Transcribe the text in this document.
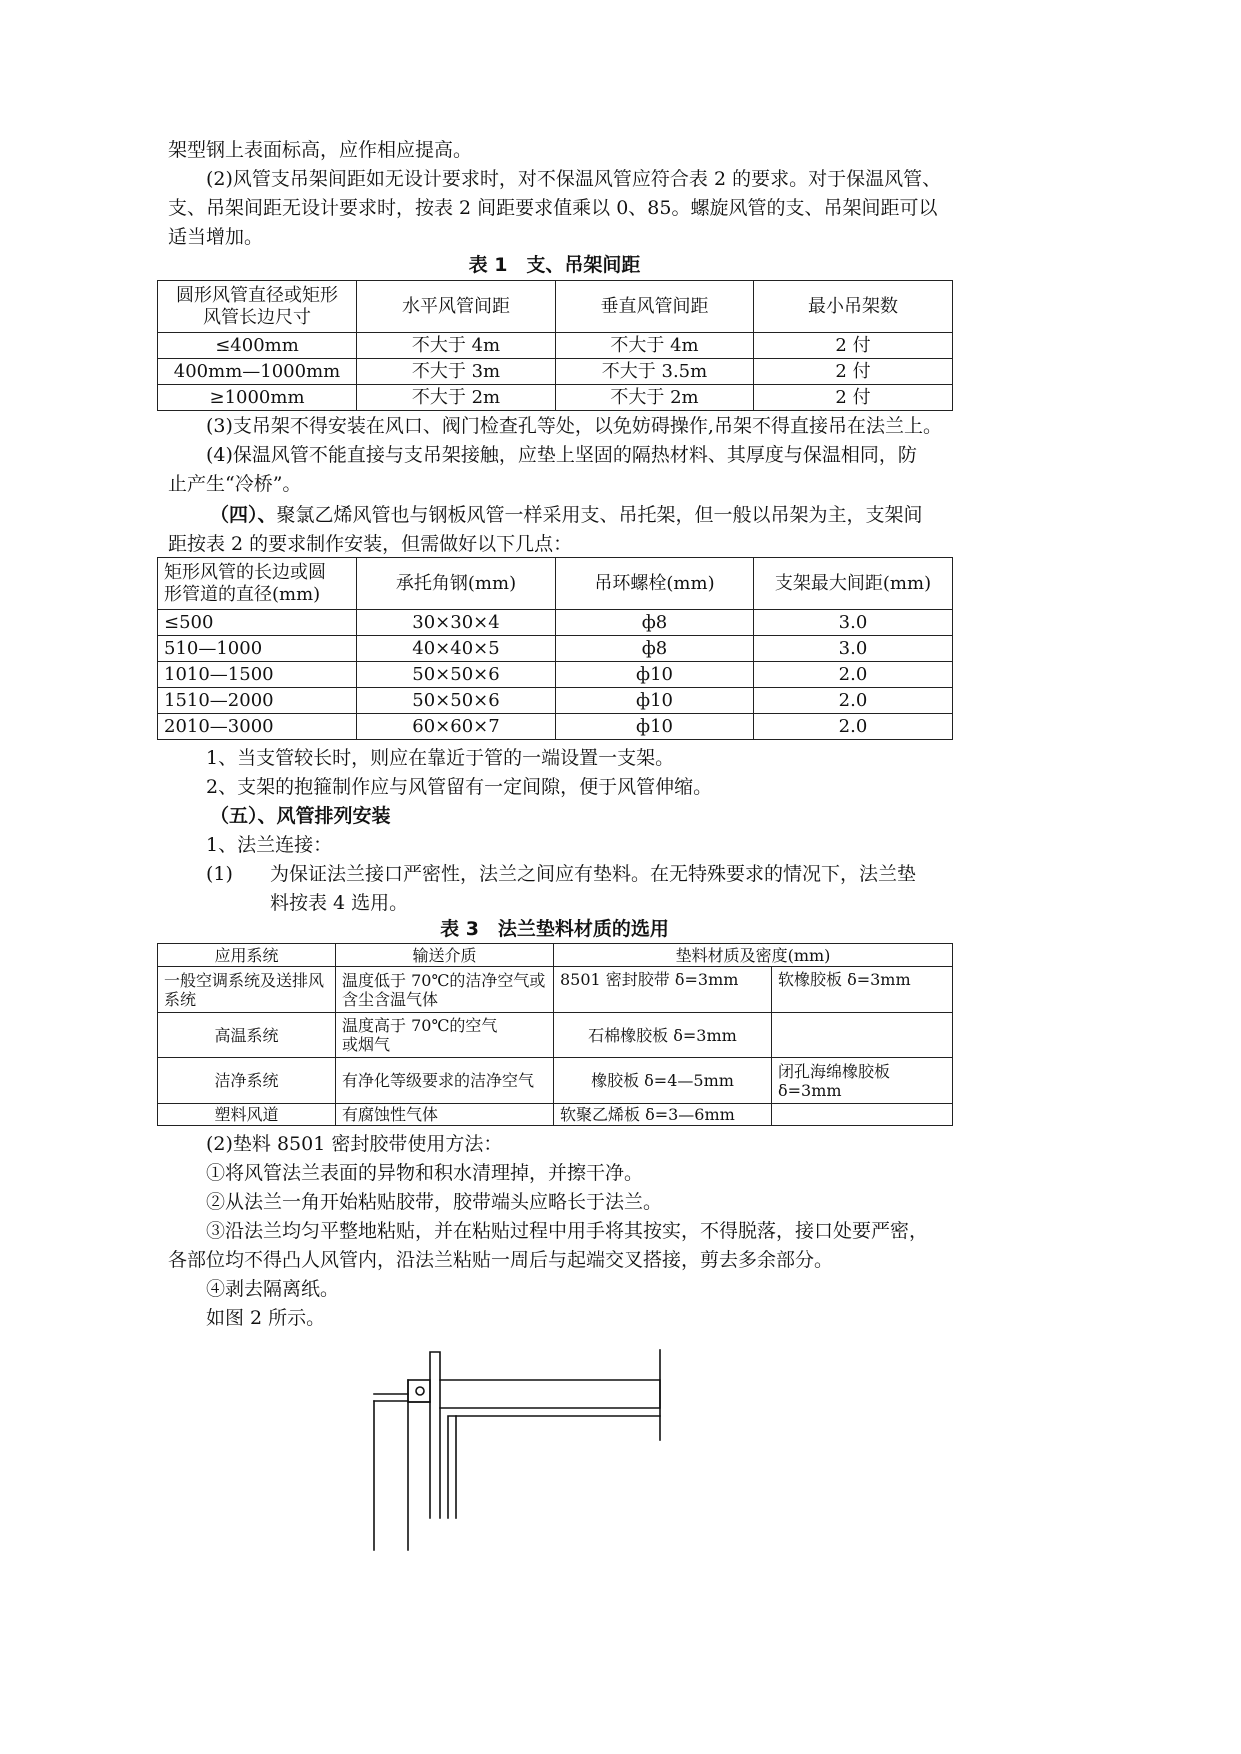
架型钢上表面标高，应作相应提高。
(2)风管支吊架间距如无设计要求时，对不保温风管应符合表 2 的要求。对于保温风管、
支、吊架间距无设计要求时，按表 2 间距要求值乘以 0、85。螺旋风管的支、吊架间距可以
适当增加。
表 1　支、吊架间距
圆形风管直径或矩形
风管长边尺寸	水平风管间距	垂直风管间距	最小吊架数
≤400mm	不大于 4m	不大于 4m	2 付
400mm—1000mm	不大于 3m	不大于 3.5m	2 付
≥1000mm	不大于 2m	不大于 2m	2 付
(3)支吊架不得安装在风口、阀门检查孔等处，以免妨碍操作,吊架不得直接吊在法兰上。
(4)保温风管不能直接与支吊架接触，应垫上坚固的隔热材料、其厚度与保温相同，防
止产生“冷桥”。
（四）、聚氯乙烯风管也与钢板风管一样采用支、吊托架，但一般以吊架为主，支架间
距按表 2 的要求制作安装，但需做好以下几点：
矩形风管的长边或圆
形管道的直径(mm)	承托角钢(mm)	吊环螺栓(mm)	支架最大间距(mm)
≤500	30×30×4	ф8	3.0
510—1000	40×40×5	ф8	3.0
1010—1500	50×50×6	ф10	2.0
1510—2000	50×50×6	ф10	2.0
2010—3000	60×60×7	ф10	2.0
1、当支管较长时，则应在靠近于管的一端设置一支架。
2、支架的抱箍制作应与风管留有一定间隙，便于风管伸缩。
（五）、风管排列安装
1、法兰连接：
(1) 为保证法兰接口严密性，法兰之间应有垫料。在无特殊要求的情况下，法兰垫
料按表 4 选用。
表 3　法兰垫料材质的选用
应用系统	输送介质	垫料材质及密度(mm)	
一般空调系统及送排风系统	温度低于 70℃的洁净空气或含尘含温气体	8501 密封胶带 δ=3mm	软橡胶板 δ=3mm
高温系统	温度高于 70℃的空气
或烟气	石棉橡胶板 δ=3mm	
洁净系统	有净化等级要求的洁净空气	橡胶板 δ=4—5mm	闭孔海绵橡胶板 δ=3mm
塑料风道	有腐蚀性气体	软聚乙烯板 δ=3—6mm	
(2)垫料 8501 密封胶带使用方法：
①将风管法兰表面的异物和积水清理掉，并擦干净。
②从法兰一角开始粘贴胶带，胶带端头应略长于法兰。
③沿法兰均匀平整地粘贴，并在粘贴过程中用手将其按实，不得脱落，接口处要严密，
各部位均不得凸人风管内，沿法兰粘贴一周后与起端交叉搭接，剪去多余部分。
④剥去隔离纸。
如图 2 所示。
